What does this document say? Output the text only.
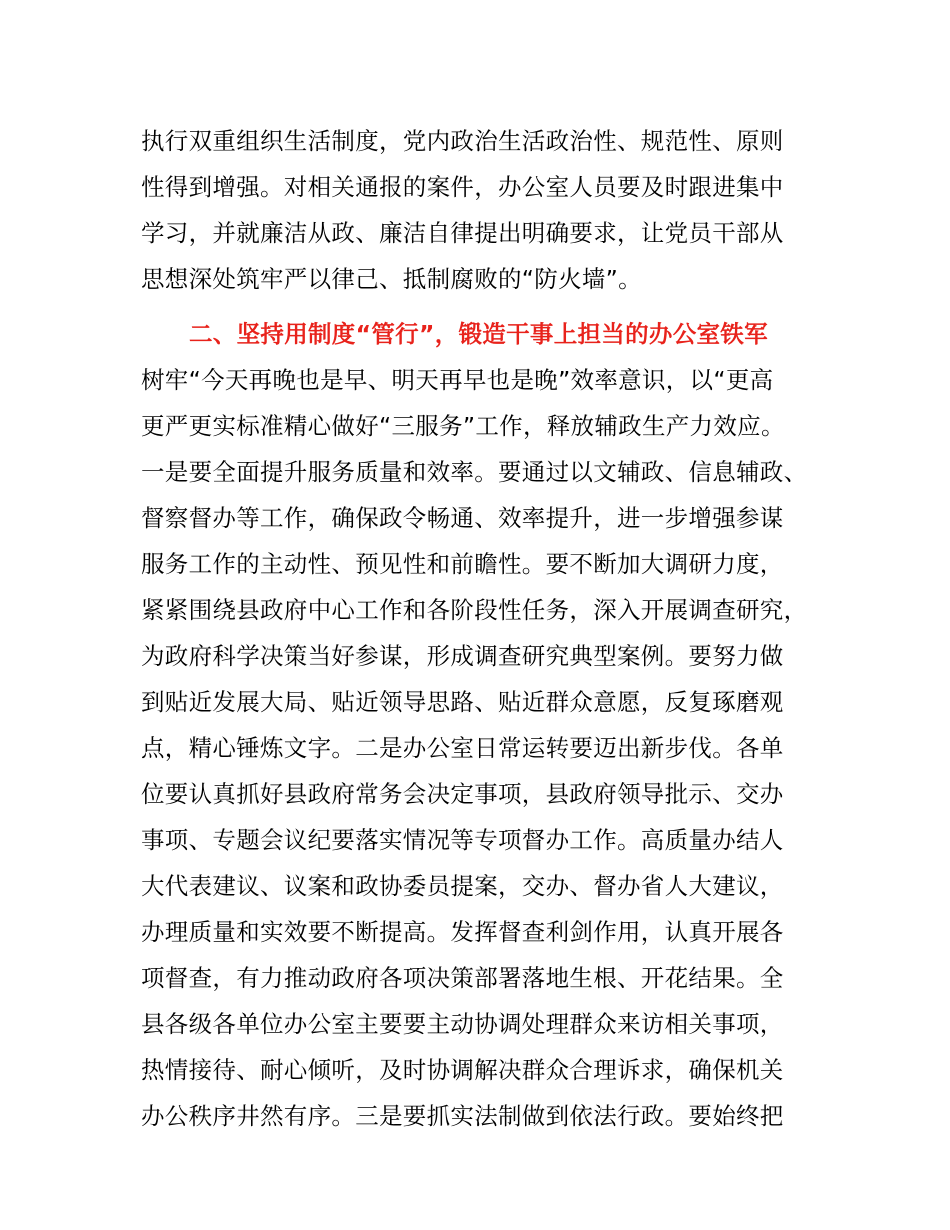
执行双重组织生活制度，党内政治生活政治性、规范性、原则
性得到增强。对相关通报的案件，办公室人员要及时跟进集中
学习，并就廉洁从政、廉洁自律提出明确要求，让党员干部从
思想深处筑牢严以律己、抵制腐败的“防火墙”。
二、坚持用制度“管行”，锻造干事上担当的办公室铁军
树牢“今天再晚也是早、明天再早也是晚”效率意识，以“更高
更严更实标准精心做好“三服务”工作，释放辅政生产力效应。
一是要全面提升服务质量和效率。要通过以文辅政、信息辅政、
督察督办等工作，确保政令畅通、效率提升，进一步增强参谋
服务工作的主动性、预见性和前瞻性。要不断加大调研力度，
紧紧围绕县政府中心工作和各阶段性任务，深入开展调查研究，
为政府科学决策当好参谋，形成调查研究典型案例。要努力做
到贴近发展大局、贴近领导思路、贴近群众意愿，反复琢磨观
点，精心锤炼文字。二是办公室日常运转要迈出新步伐。各单
位要认真抓好县政府常务会决定事项，县政府领导批示、交办
事项、专题会议纪要落实情况等专项督办工作。高质量办结人
大代表建议、议案和政协委员提案，交办、督办省人大建议，
办理质量和实效要不断提高。发挥督查利剑作用，认真开展各
项督查，有力推动政府各项决策部署落地生根、开花结果。全
县各级各单位办公室主要要主动协调处理群众来访相关事项，
热情接待、耐心倾听，及时协调解决群众合理诉求，确保机关
办公秩序井然有序。三是要抓实法制做到依法行政。要始终把
